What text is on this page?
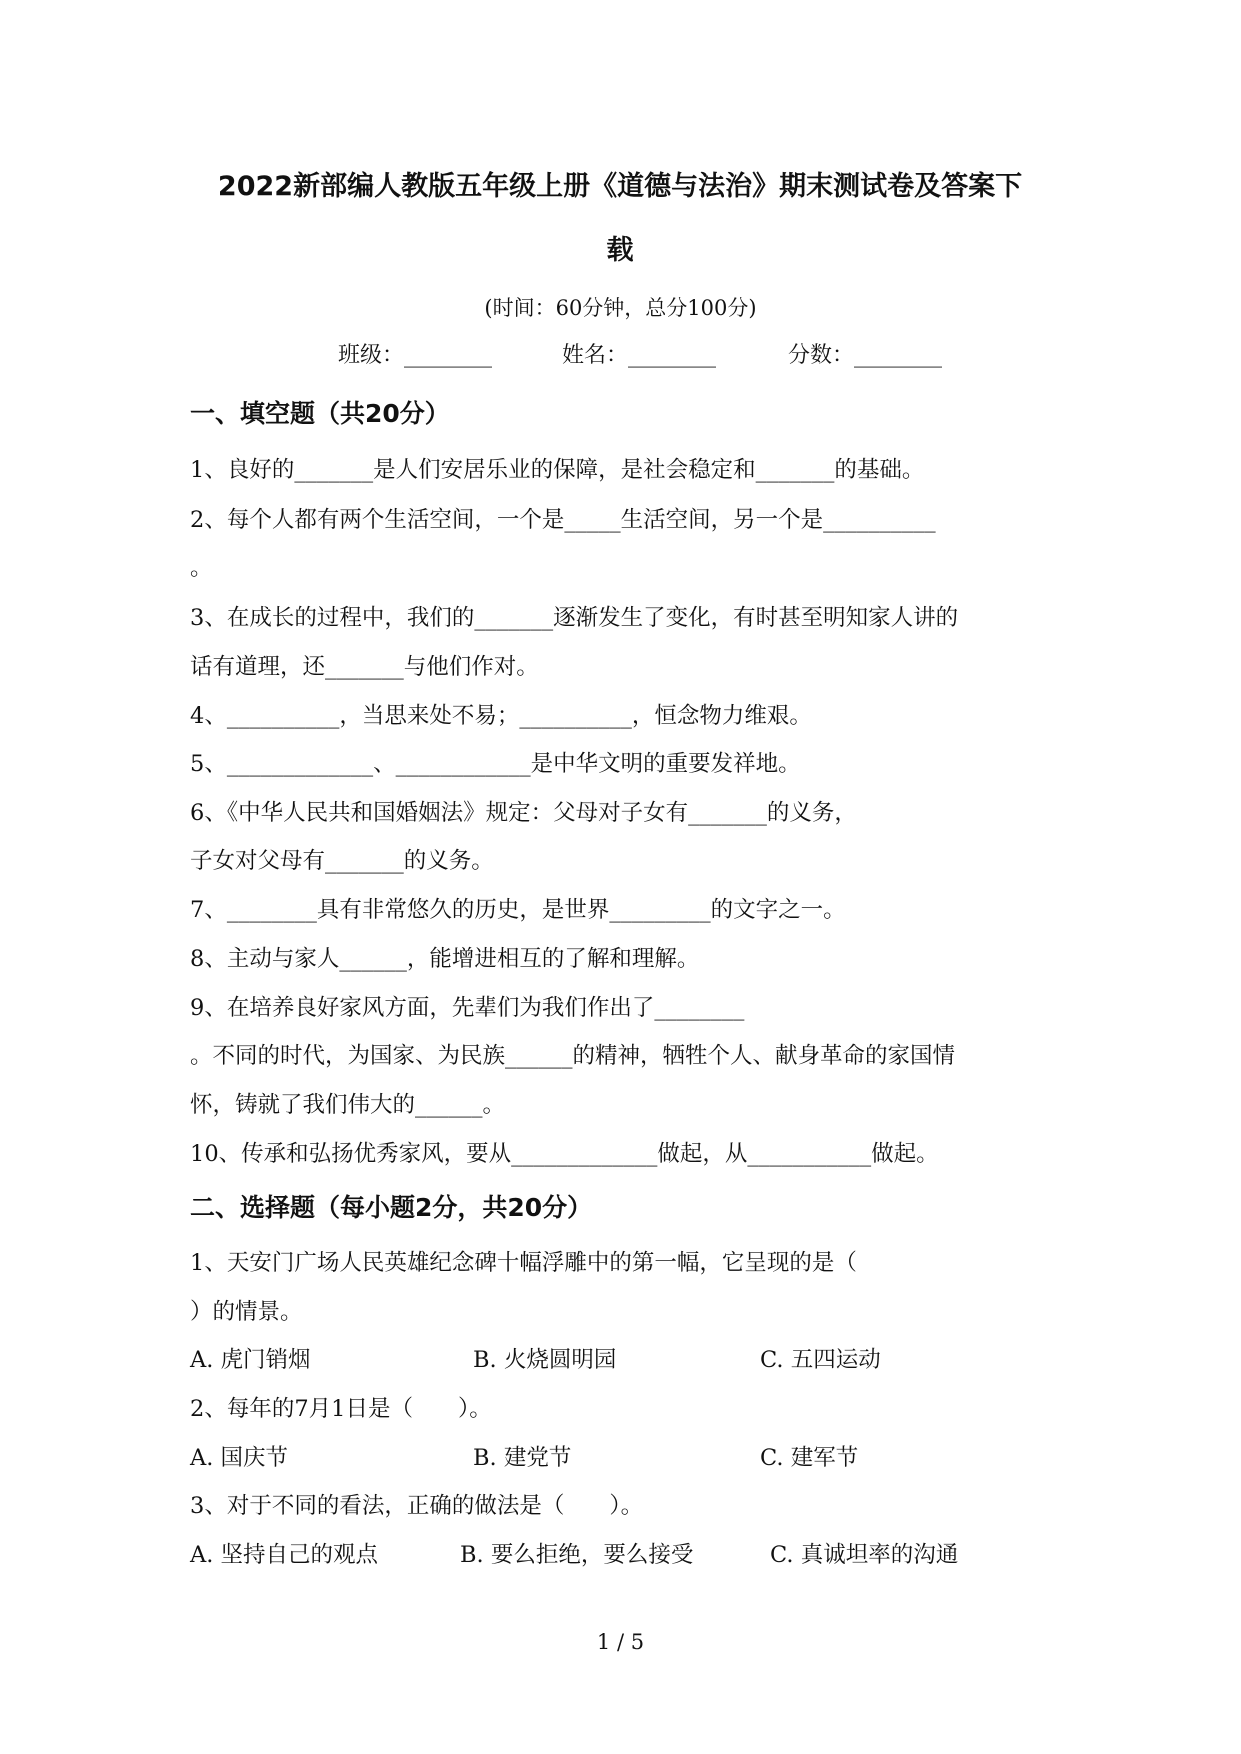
2022新部编人教版五年级上册《道德与法治》期末测试卷及答案下
载
(时间：60分钟，总分100分)
班级：________	姓名：________	分数：________
一、填空题（共20分）
1、良好的_______是人们安居乐业的保障，是社会稳定和_______的基础。
2、每个人都有两个生活空间，一个是_____生活空间，另一个是__________
。
3、在成长的过程中，我们的_______逐渐发生了变化，有时甚至明知家人讲的
话有道理，还_______与他们作对。
4、__________，当思来处不易；__________，恒念物力维艰。
5、_____________、____________是中华文明的重要发祥地。
6、《中华人民共和国婚姻法》规定：父母对子女有_______的义务，
子女对父母有_______的义务。
7、________具有非常悠久的历史，是世界_________的文字之一。
8、主动与家人______，能增进相互的了解和理解。
9、在培养良好家风方面，先辈们为我们作出了________
。不同的时代，为国家、为民族______的精神，牺牲个人、献身革命的家国情
怀，铸就了我们伟大的______。
10、传承和弘扬优秀家风，要从_____________做起，从___________做起。
二、选择题（每小题2分，共20分）
1、天安门广场人民英雄纪念碑十幅浮雕中的第一幅，它呈现的是（
）的情景。
A. 虎门销烟	B. 火烧圆明园	C. 五四运动
2、每年的7月1日是（　　）。
A. 国庆节	B. 建党节	C. 建军节
3、对于不同的看法，正确的做法是（　　）。
A. 坚持自己的观点	B. 要么拒绝，要么接受	C. 真诚坦率的沟通
1 / 5
